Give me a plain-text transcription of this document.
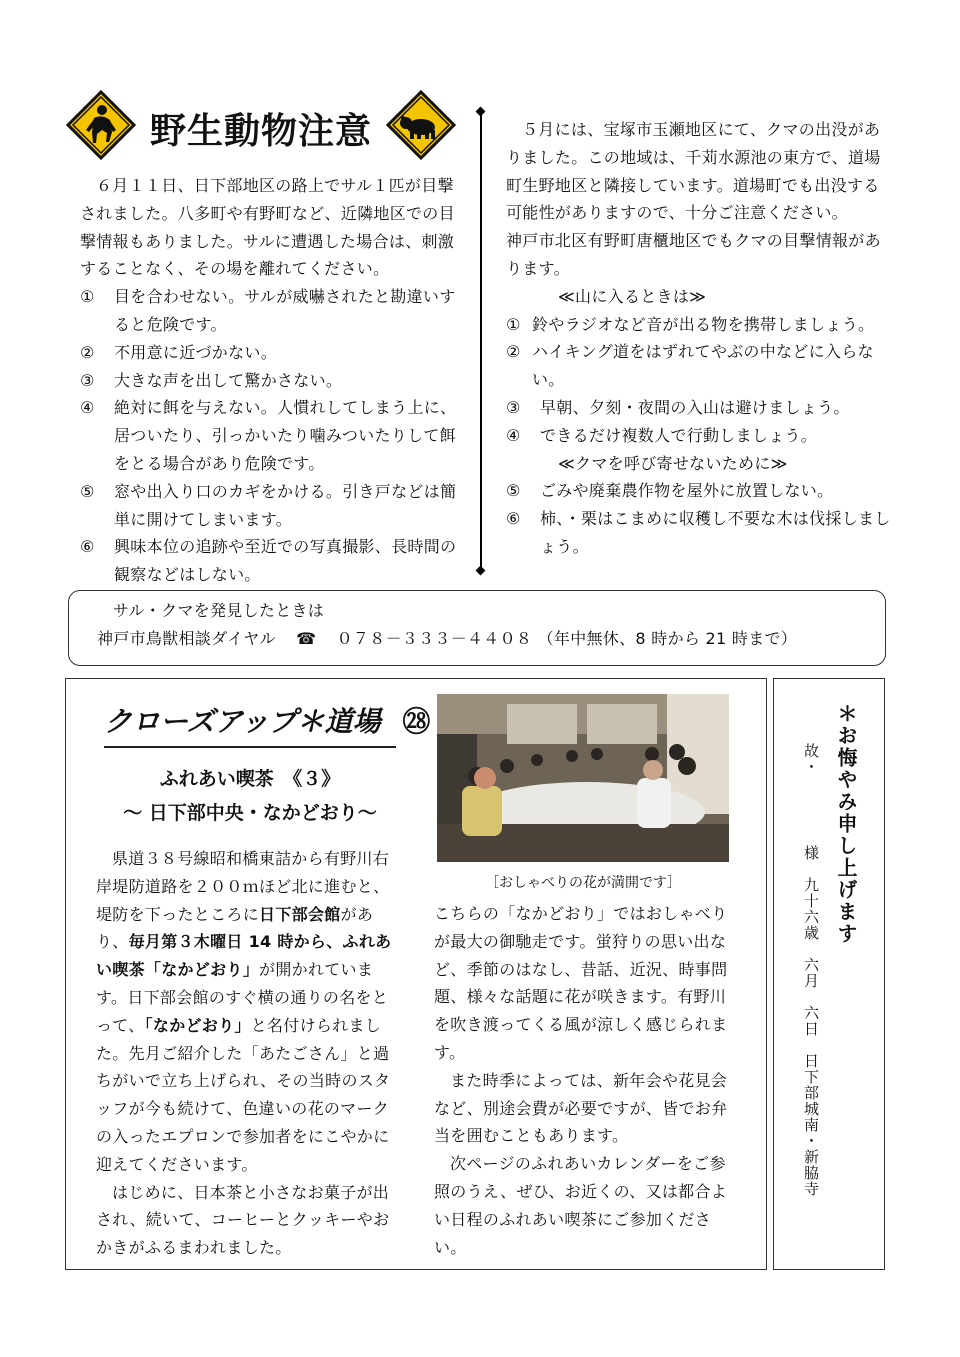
野生動物注意

６月１１日、日下部地区の路上でサル１匹が目撃されました。八多町や有野町など、近隣地区での目撃情報もありました。サルに遭遇した場合は、刺激することなく、その場を離れてください。

①	目を合わせない。サルが威嚇されたと勘違いすると危険です。
②	不用意に近づかない。
③	大きな声を出して驚かさない。
④	絶対に餌を与えない。人慣れしてしまう上に、居ついたり、引っかいたり噛みついたりして餌をとる場合があり危険です。
⑤	窓や出入り口のカギをかける。引き戸などは簡単に開けてしまいます。
⑥	興味本位の追跡や至近での写真撮影、長時間の観察などはしない。

５月には、宝塚市玉瀬地区にて、クマの出没がありました。この地域は、千苅水源池の東方で、道場町生野地区と隣接しています。道場町でも出没する可能性がありますので、十分ご注意ください。

神戸市北区有野町唐櫃地区でもクマの目撃情報があります。

≪山に入るときは≫

① 鈴やラジオなど音が出る物を携帯しましょう。
② ハイキング道をはずれてやぶの中などに入らない。
③	早朝、夕刻・夜間の入山は避けましょう。
④	できるだけ複数人で行動しましょう。

≪クマを呼び寄せないために≫

⑤	ごみや廃棄農作物を屋外に放置しない。
⑥	柿、・栗はこまめに収穫し不要な木は伐採しましょう。
サル・クマを発見したときは
神戸市鳥獣相談ダイヤル ☎ ０７８－３３３－４４０８ （年中無休、8 時から 21 時まで）
クローズアップ＊道場 ㉘
ふれあい喫茶　《３》
～ 日下部中央・なかどおり～
［おしゃべりの花が満開です］

県道３８号線昭和橋東詰から有野川右岸堤防道路を２００ｍほど北に進むと、堤防を下ったところに日下部会館があり、毎月第３木曜日 14 時から、ふれあい喫茶「なかどおり」が開かれています。日下部会館のすぐ横の通りの名をとって、「なかどおり」と名付けられました。先月ご紹介した「あたごさん」と過ちがいで立ち上げられ、その当時のスタッフが今も続けて、色違いの花のマークの入ったエプロンで参加者をにこやかに迎えてくださいます。

はじめに、日本茶と小さなお菓子が出され、続いて、コーヒーとクッキーやおかきがふるまわれました。

こちらの「なかどおり」ではおしゃべりが最大の御馳走です。蛍狩りの思い出など、季節のはなし、昔話、近況、時事問題、様々な話題に花が咲きます。有野川を吹き渡ってくる風が涼しく感じられます。

また時季によっては、新年会や花見会など、別途会費が必要ですが、皆でお弁当を囲むこともあります。

次ページのふれあいカレンダーをご参照のうえ、ぜひ、お近くの、又は都合よい日程のふれあい喫茶にご参加ください。

＊お悔やみ申し上げます
故・様　九十六歳　六月　六日　日下部城南・新脇寺
